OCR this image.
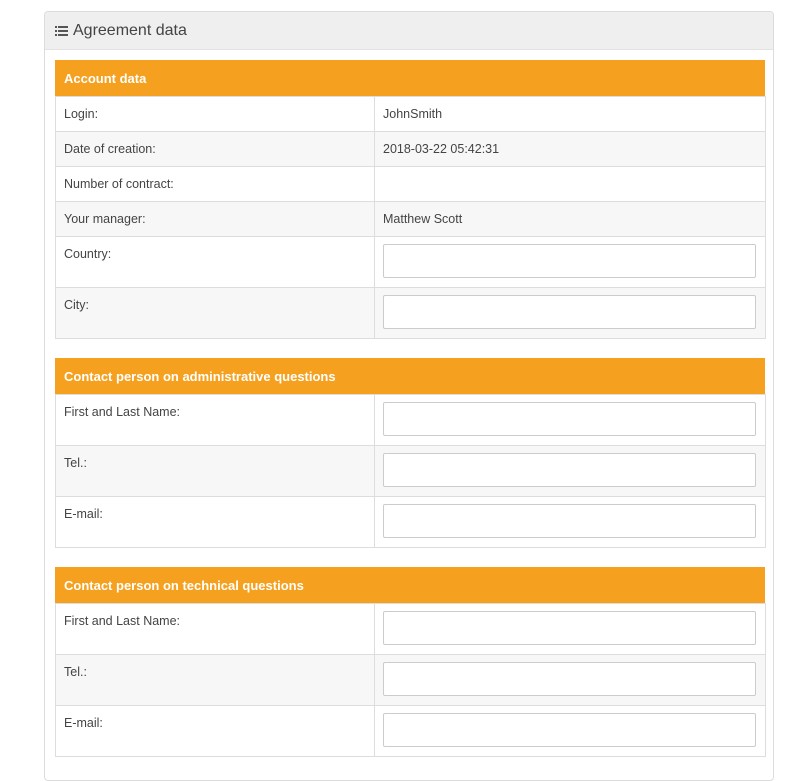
Agreement data
Account data
Login:	JohnSmith
Date of creation:	2018-03-22 05:42:31
Number of contract:	
Your manager:	Matthew Scott
Country:	

City:	
Contact person on administrative questions
First and Last Name:	

Tel.:	

E-mail:	
Contact person on technical questions
First and Last Name:	

Tel.:	

E-mail:	
